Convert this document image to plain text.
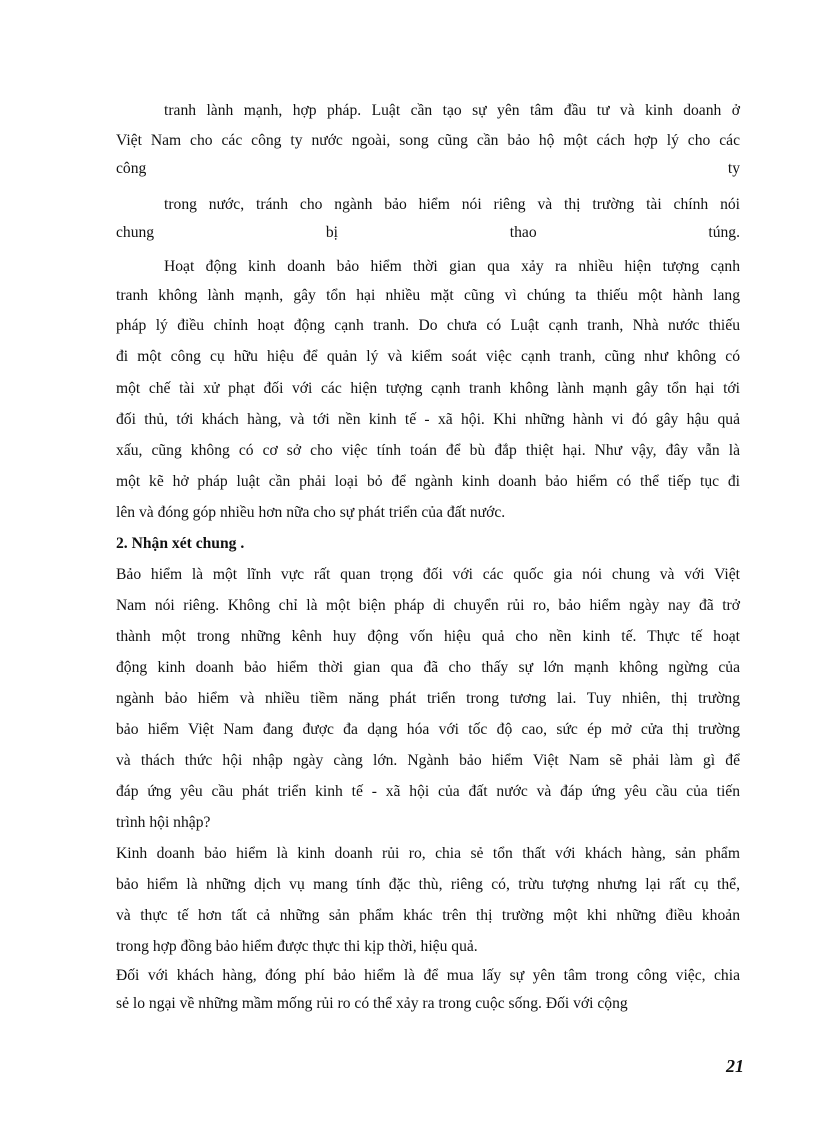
tranh lành mạnh, hợp pháp. Luật cần tạo sự yên tâm đầu tư và kinh doanh ở
Việt Nam cho các công ty nước ngoài, song cũng cần bảo hộ một cách hợp lý cho các
công ty
trong nước, tránh cho ngành bảo hiểm nói riêng và thị trường tài chính nói
chung bị thao túng.
Hoạt động kinh doanh bảo hiểm thời gian qua xảy ra nhiều hiện tượng cạnh
tranh không lành mạnh, gây tổn hại nhiều mặt cũng vì chúng ta thiếu một hành lang
pháp lý điều chỉnh hoạt động cạnh tranh. Do chưa có Luật cạnh tranh, Nhà nước thiếu
đi một công cụ hữu hiệu để quản lý và kiểm soát việc cạnh tranh, cũng như không có
một chế tài xử phạt đối với các hiện tượng cạnh tranh không lành mạnh gây tổn hại tới
đối thủ, tới khách hàng, và tới nền kinh tế - xã hội. Khi những hành vi đó gây hậu quả
xấu, cũng không có cơ sở cho việc tính toán để bù đắp thiệt hại. Như vậy, đây vẫn là
một kẽ hở pháp luật cần phải loại bỏ để ngành kinh doanh bảo hiểm có thể tiếp tục đi
lên và đóng góp nhiều hơn nữa cho sự phát triển của đất nước.
2. Nhận xét chung .
Bảo hiểm là một lĩnh vực rất quan trọng đối với các quốc gia nói chung và với Việt
Nam nói riêng. Không chỉ là một biện pháp di chuyển rủi ro, bảo hiểm ngày nay đã trở
thành một trong những kênh huy động vốn hiệu quả cho nền kinh tế. Thực tế hoạt
động kinh doanh bảo hiểm thời gian qua đã cho thấy sự lớn mạnh không ngừng của
ngành bảo hiểm và nhiều tiềm năng phát triển trong tương lai. Tuy nhiên, thị trường
bảo hiểm Việt Nam đang được đa dạng hóa với tốc độ cao, sức ép mở cửa thị trường
và thách thức hội nhập ngày càng lớn. Ngành bảo hiểm Việt Nam sẽ phải làm gì để
đáp ứng yêu cầu phát triển kinh tế - xã hội của đất nước và đáp ứng yêu cầu của tiến
trình hội nhập?
Kinh doanh bảo hiểm là kinh doanh rủi ro, chia sẻ tổn thất với khách hàng, sản phẩm
bảo hiểm là những dịch vụ mang tính đặc thù, riêng có, trừu tượng nhưng lại rất cụ thể,
và thực tế hơn tất cả những sản phẩm khác trên thị trường một khi những điều khoản
trong hợp đồng bảo hiểm được thực thi kịp thời, hiệu quả.
Đối với khách hàng, đóng phí bảo hiểm là để mua lấy sự yên tâm trong công việc, chia
sẻ lo ngại về những mầm mống rủi ro có thể xảy ra trong cuộc sống. Đối với cộng
21
